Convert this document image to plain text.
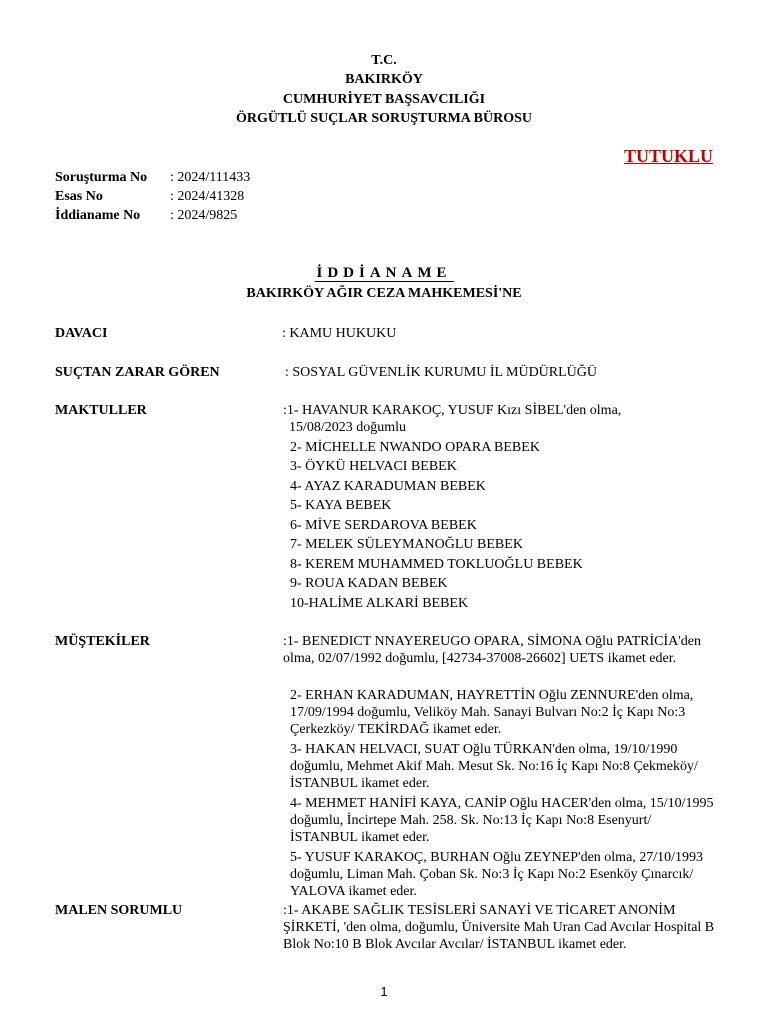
T.C.
BAKIRKÖY
CUMHURİYET BAŞSAVCILIĞI
ÖRGÜTLÜ SUÇLAR SORUŞTURMA BÜROSU
TUTUKLU
Soruşturma No : 2024/111433
Esas No	: 2024/41328
İddianame No : 2024/9825
İDDİANAME
BAKIRKÖY AĞIR CEZA MAHKEMESİ'NE
DAVACI	: KAMU HUKUKU
SUÇTAN ZARAR GÖREN	: SOSYAL GÜVENLİK KURUMU İL MÜDÜRLÜĞÜ
MAKTULLER	:1- HAVANUR KARAKOÇ, YUSUF Kızı SİBEL'den olma,
15/08/2023 doğumlu
2- MİCHELLE NWANDO OPARA BEBEK
3- ÖYKÜ HELVACI BEBEK
4- AYAZ KARADUMAN BEBEK
5- KAYA BEBEK
6- MİVE SERDAROVA BEBEK
7- MELEK SÜLEYMANOĞLU BEBEK
8- KEREM MUHAMMED TOKLUOĞLU BEBEK
9- ROUA KADAN BEBEK
10-HALİME ALKARİ BEBEK
MÜŞTEKİLER	:1- BENEDICT NNAYEREUGO OPARA, SİMONA Oğlu PATRİCİA'den olma, 02/07/1992 doğumlu, [42734-37008-26602] UETS ikamet eder.
2- ERHAN KARADUMAN, HAYRETTİN Oğlu ZENNURE'den olma, 17/09/1994 doğumlu, Veliköy Mah. Sanayi Bulvarı No:2 İç Kapı No:3 Çerkezköy/ TEKİRDAĞ ikamet eder.
3- HAKAN HELVACI, SUAT Oğlu TÜRKAN'den olma, 19/10/1990 doğumlu, Mehmet Akif Mah. Mesut Sk. No:16 İç Kapı No:8 Çekmeköy/ İSTANBUL ikamet eder.
4- MEHMET HANİFİ KAYA, CANİP Oğlu HACER'den olma, 15/10/1995 doğumlu, İncirtepe Mah. 258. Sk. No:13 İç Kapı No:8 Esenyurt/ İSTANBUL ikamet eder.
5- YUSUF KARAKOÇ, BURHAN Oğlu ZEYNEP'den olma, 27/10/1993 doğumlu, Liman Mah. Çoban Sk. No:3 İç Kapı No:2 Esenköy Çınarcık/ YALOVA ikamet eder.
MALEN SORUMLU	:1- AKABE SAĞLIK TESİSLERİ SANAYİ VE TİCARET ANONİM ŞİRKETİ, 'den olma, doğumlu, Üniversite Mah Uran Cad Avcılar Hospital B Blok No:10 B Blok Avcılar Avcılar/ İSTANBUL ikamet eder.
1
